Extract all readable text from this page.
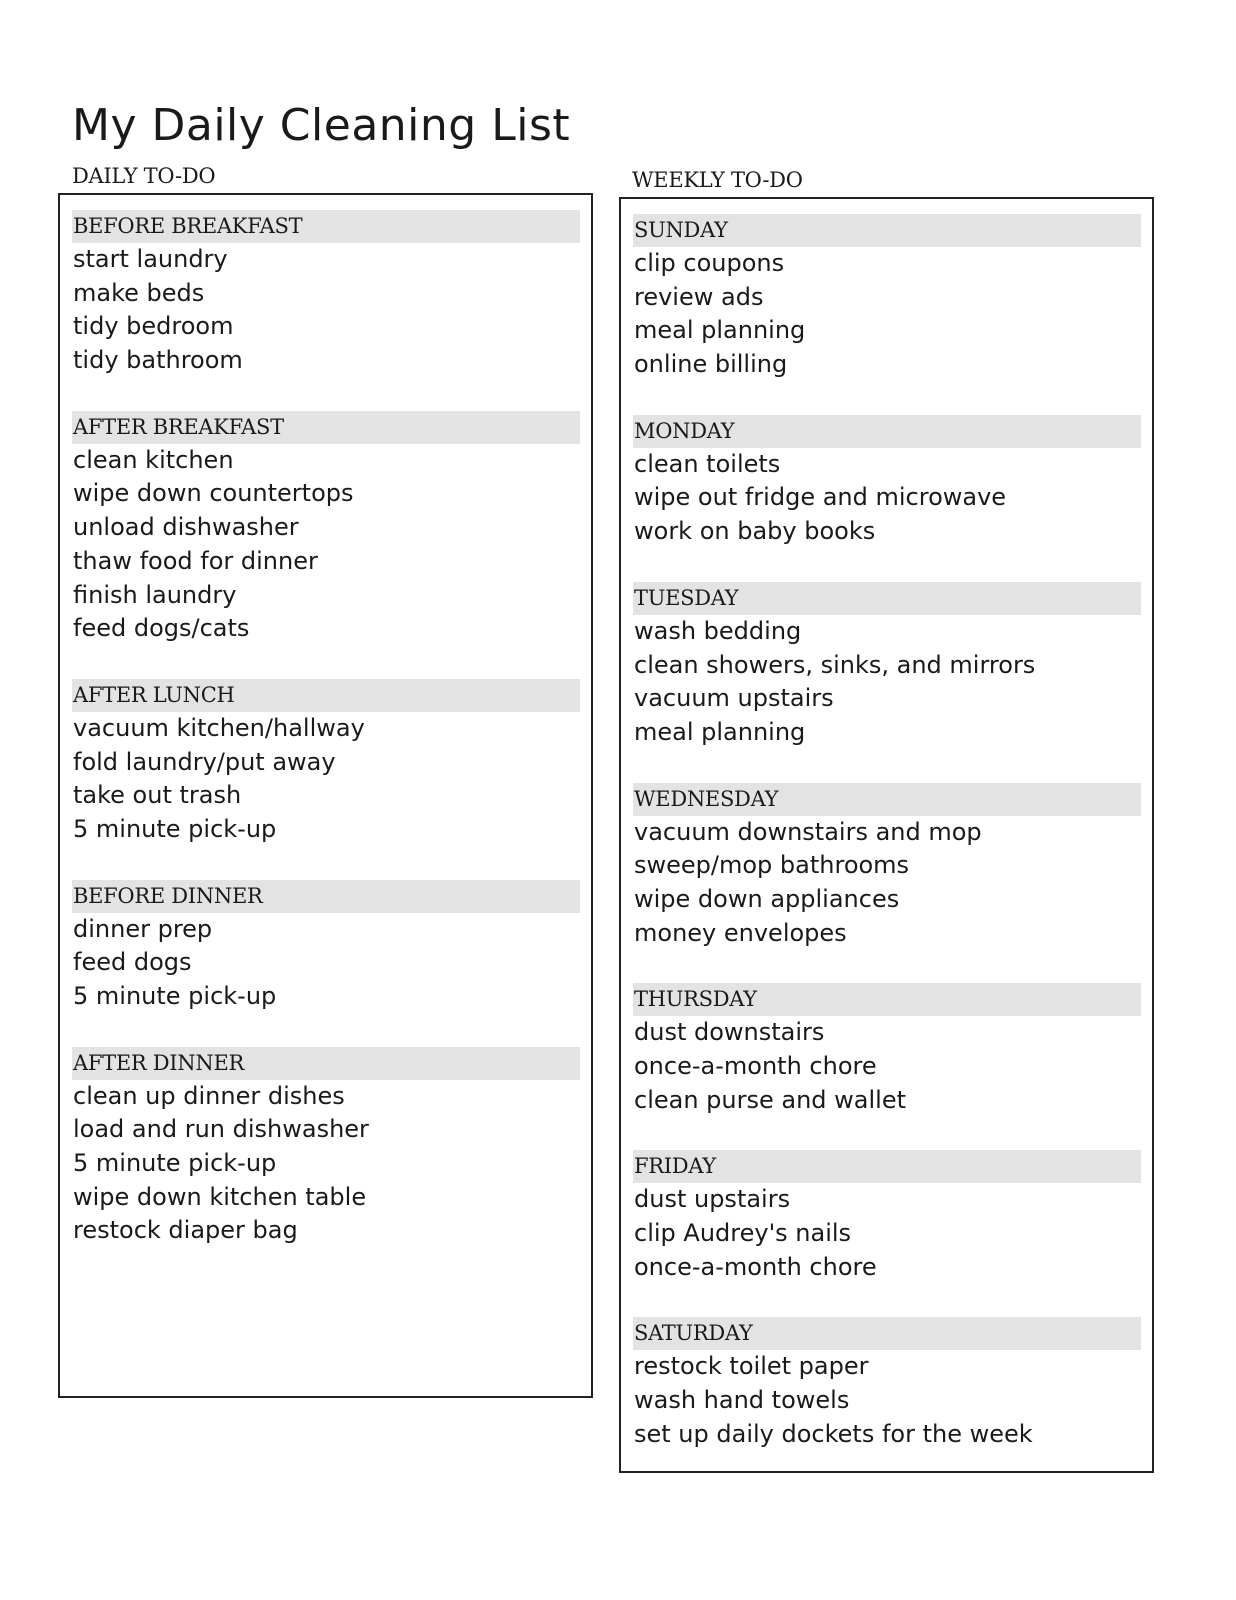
My Daily Cleaning List
DAILY TO-DO	WEEKLY TO-DO
BEFORE BREAKFAST
start laundry
make beds
tidy bedroom
tidy bathroom
AFTER BREAKFAST
clean kitchen
wipe down countertops
unload dishwasher
thaw food for dinner
finish laundry
feed dogs/cats
AFTER LUNCH
vacuum kitchen/hallway
fold laundry/put away
take out trash
5 minute pick-up
BEFORE DINNER
dinner prep
feed dogs
5 minute pick-up
AFTER DINNER
clean up dinner dishes
load and run dishwasher
5 minute pick-up
wipe down kitchen table
restock diaper bag
SUNDAY
clip coupons
review ads
meal planning
online billing
MONDAY
clean toilets
wipe out fridge and microwave
work on baby books
TUESDAY
wash bedding
clean showers, sinks, and mirrors
vacuum upstairs
meal planning
WEDNESDAY
vacuum downstairs and mop
sweep/mop bathrooms
wipe down appliances
money envelopes
THURSDAY
dust downstairs
once-a-month chore
clean purse and wallet
FRIDAY
dust upstairs
clip Audrey's nails
once-a-month chore
SATURDAY
restock toilet paper
wash hand towels
set up daily dockets for the week
